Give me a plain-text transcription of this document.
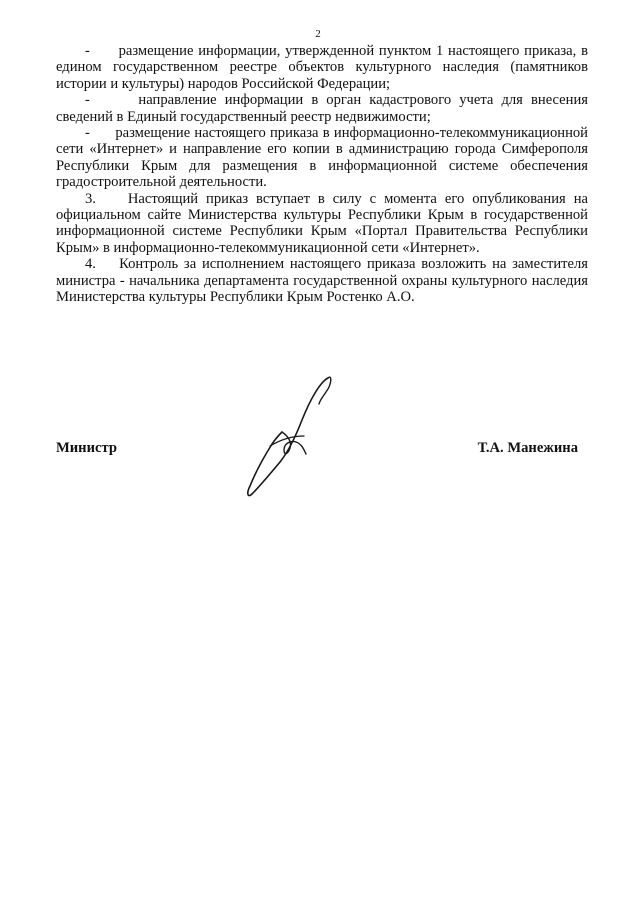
2

-      размещение информации, утвержденной пунктом 1 настоящего приказа, в едином государственном реестре объектов культурного наследия (памятников истории и культуры) народов Российской Федерации;

-      направление информации в орган кадастрового учета для внесения сведений в Единый государственный реестр недвижимости;

-      размещение настоящего приказа в информационно-телекоммуникационной сети «Интернет» и направление его копии в администрацию города Симферополя Республики Крым для размещения в информационной системе обеспечения градостроительной деятельности.

3.    Настоящий приказ вступает в силу с момента его опубликования на официальном сайте Министерства культуры Республики Крым в государственной информационной системе Республики Крым «Портал Правительства Республики Крым» в информационно-телекоммуникационной сети «Интернет».

4.    Контроль за исполнением настоящего приказа возложить на заместителя министра - начальника департамента государственной охраны культурного наследия Министерства культуры Республики Крым Ростенко А.О.

Министр	Т.А. Манежина
